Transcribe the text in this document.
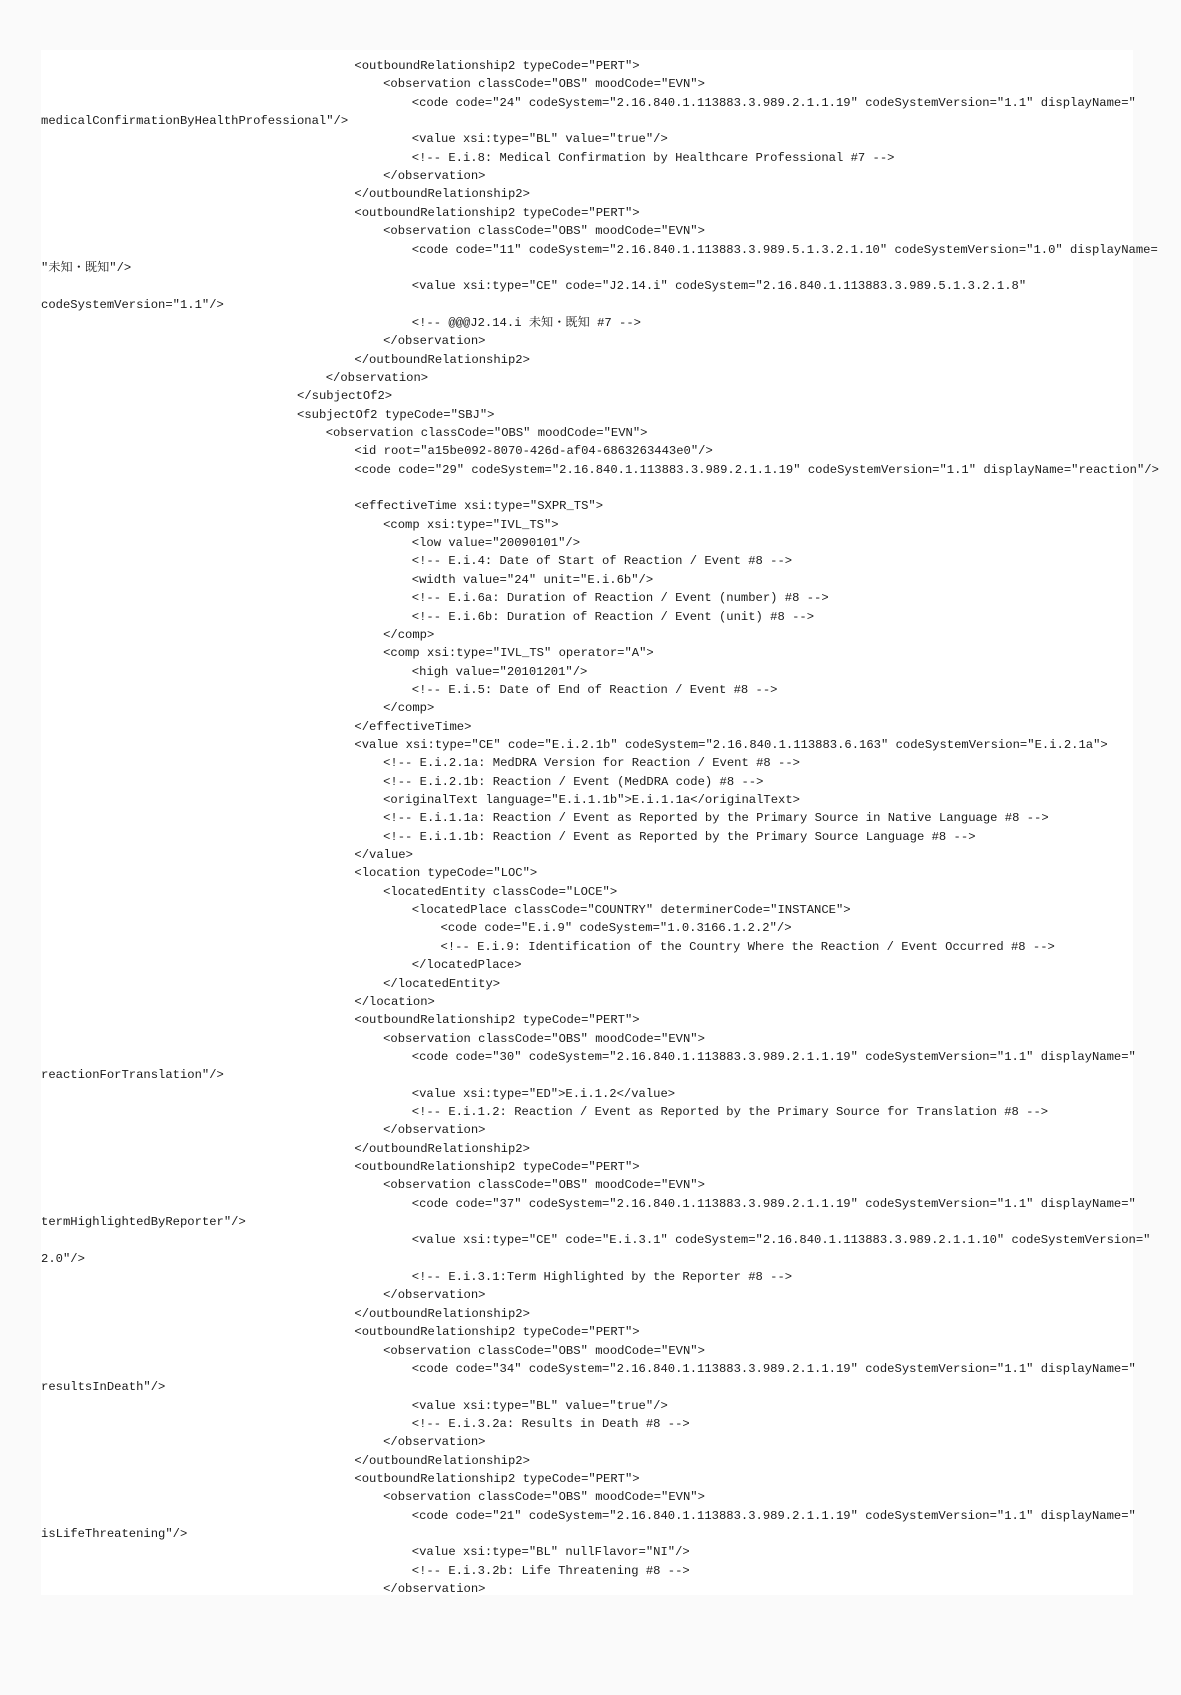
<outboundRelationship2 typeCode="PERT">
<observation classCode="OBS" moodCode="EVN">
<code code="24" codeSystem="2.16.840.1.113883.3.989.2.1.1.19" codeSystemVersion="1.1" displayName="
medicalConfirmationByHealthProfessional"/>
<value xsi:type="BL" value="true"/>
<!-- E.i.8: Medical Confirmation by Healthcare Professional #7 -->
</observation>
</outboundRelationship2>
<outboundRelationship2 typeCode="PERT">
<observation classCode="OBS" moodCode="EVN">
<code code="11" codeSystem="2.16.840.1.113883.3.989.5.1.3.2.1.10" codeSystemVersion="1.0" displayName=
"未知・既知"/>
<value xsi:type="CE" code="J2.14.i" codeSystem="2.16.840.1.113883.3.989.5.1.3.2.1.8"
codeSystemVersion="1.1"/>
<!-- @@@J2.14.i 未知・既知 #7 -->
</observation>
</outboundRelationship2>
</observation>
</subjectOf2>
<subjectOf2 typeCode="SBJ">
<observation classCode="OBS" moodCode="EVN">
<id root="a15be092-8070-426d-af04-6863263443e0"/>
<code code="29" codeSystem="2.16.840.1.113883.3.989.2.1.1.19" codeSystemVersion="1.1" displayName="reaction"/>
<effectiveTime xsi:type="SXPR_TS">
<comp xsi:type="IVL_TS">
<low value="20090101"/>
<!-- E.i.4: Date of Start of Reaction / Event #8 -->
<width value="24" unit="E.i.6b"/>
<!-- E.i.6a: Duration of Reaction / Event (number) #8 -->
<!-- E.i.6b: Duration of Reaction / Event (unit) #8 -->
</comp>
<comp xsi:type="IVL_TS" operator="A">
<high value="20101201"/>
<!-- E.i.5: Date of End of Reaction / Event #8 -->
</comp>
</effectiveTime>
<value xsi:type="CE" code="E.i.2.1b" codeSystem="2.16.840.1.113883.6.163" codeSystemVersion="E.i.2.1a">
<!-- E.i.2.1a: MedDRA Version for Reaction / Event #8 -->
<!-- E.i.2.1b: Reaction / Event (MedDRA code) #8 -->
<originalText language="E.i.1.1b">E.i.1.1a</originalText>
<!-- E.i.1.1a: Reaction / Event as Reported by the Primary Source in Native Language #8 -->
<!-- E.i.1.1b: Reaction / Event as Reported by the Primary Source Language #8 -->
</value>
<location typeCode="LOC">
<locatedEntity classCode="LOCE">
<locatedPlace classCode="COUNTRY" determinerCode="INSTANCE">
<code code="E.i.9" codeSystem="1.0.3166.1.2.2"/>
<!-- E.i.9: Identification of the Country Where the Reaction / Event Occurred #8 -->
</locatedPlace>
</locatedEntity>
</location>
<outboundRelationship2 typeCode="PERT">
<observation classCode="OBS" moodCode="EVN">
<code code="30" codeSystem="2.16.840.1.113883.3.989.2.1.1.19" codeSystemVersion="1.1" displayName="
reactionForTranslation"/>
<value xsi:type="ED">E.i.1.2</value>
<!-- E.i.1.2: Reaction / Event as Reported by the Primary Source for Translation #8 -->
</observation>
</outboundRelationship2>
<outboundRelationship2 typeCode="PERT">
<observation classCode="OBS" moodCode="EVN">
<code code="37" codeSystem="2.16.840.1.113883.3.989.2.1.1.19" codeSystemVersion="1.1" displayName="
termHighlightedByReporter"/>
<value xsi:type="CE" code="E.i.3.1" codeSystem="2.16.840.1.113883.3.989.2.1.1.10" codeSystemVersion="
2.0"/>
<!-- E.i.3.1:Term Highlighted by the Reporter #8 -->
</observation>
</outboundRelationship2>
<outboundRelationship2 typeCode="PERT">
<observation classCode="OBS" moodCode="EVN">
<code code="34" codeSystem="2.16.840.1.113883.3.989.2.1.1.19" codeSystemVersion="1.1" displayName="
resultsInDeath"/>
<value xsi:type="BL" value="true"/>
<!-- E.i.3.2a: Results in Death #8 -->
</observation>
</outboundRelationship2>
<outboundRelationship2 typeCode="PERT">
<observation classCode="OBS" moodCode="EVN">
<code code="21" codeSystem="2.16.840.1.113883.3.989.2.1.1.19" codeSystemVersion="1.1" displayName="
isLifeThreatening"/>
<value xsi:type="BL" nullFlavor="NI"/>
<!-- E.i.3.2b: Life Threatening #8 -->
</observation>
